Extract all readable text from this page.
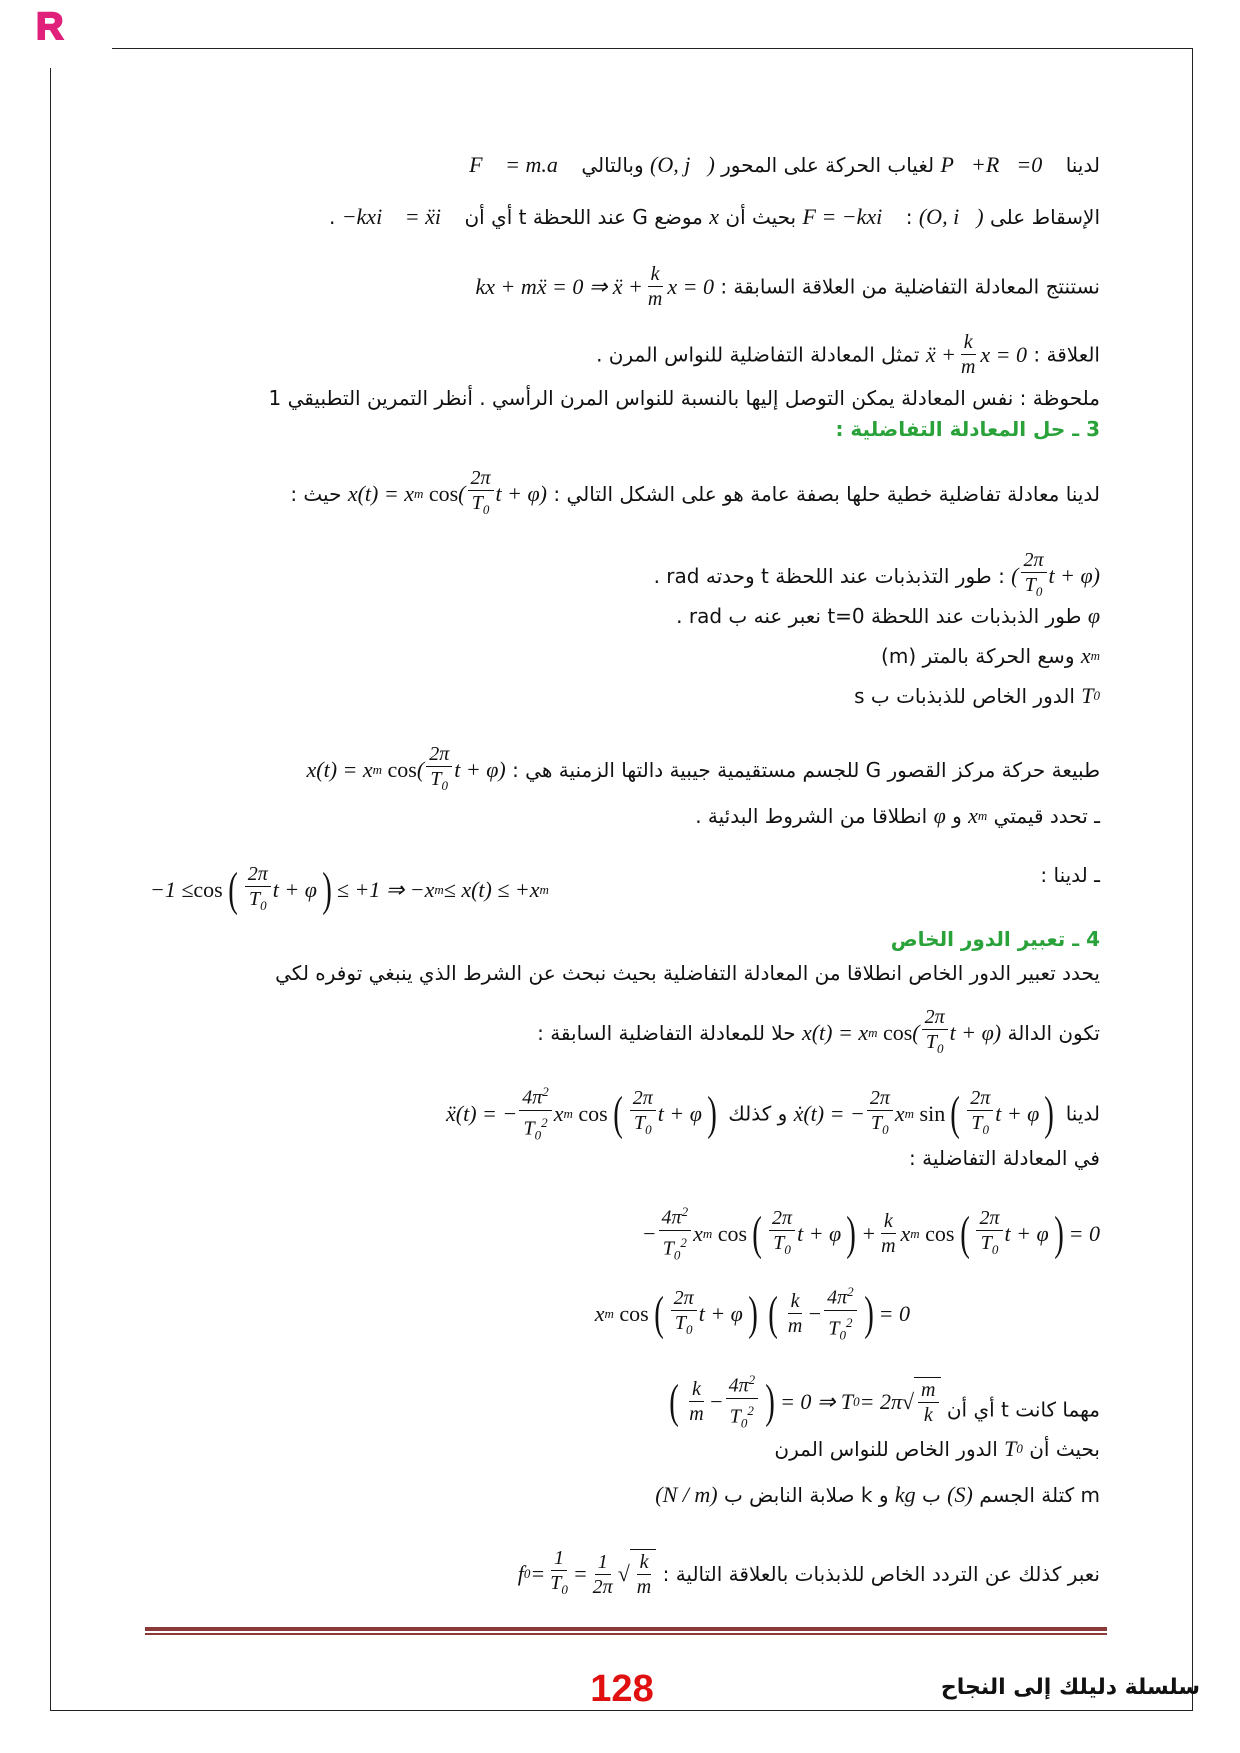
R
لدينا P⃗+R⃗=0⃗ لغياب الحركة على المحور (O, j⃗) وبالتالي F⃗ = m.a⃗
الإسقاط على (O, i⃗) : F = −kxi⃗ بحيث أن x موضع G عند اللحظة t أي أن −kxi⃗ = ẍi⃗ .
نستنتج المعادلة التفاضلية من العلاقة السابقة : kx + mẍ = 0 ⇒ ẍ + $\frac{k}{m}$ x = 0
العلاقة : ẍ + $\frac{k}{m}$ x = 0 تمثل المعادلة التفاضلية للنواس المرن .
ملحوظة : نفس المعادلة يمكن التوصل إليها بالنسبة للنواس المرن الرأسي . أنظر التمرين التطبيقي 1
3 ـ حل المعادلة التفاضلية :
لدينا معادلة تفاضلية خطية حلها بصفة عامة هو على الشكل التالي : x(t) = x m
cos ( $\frac{2\pi}{T_0}$ t + φ) حيث :
( $\frac{2\pi}{T_0}$ t + φ) : طور التذبذبات عند اللحظة t وحدته rad .
φ طور الذبذبات عند اللحظة t=0 نعبر عنه ب rad .
x m
وسع الحركة بالمتر (m)
T 0
الدور الخاص للذبذبات ب s
طبيعة حركة مركز القصور G للجسم مستقيمية جيبية دالتها الزمنية هي : x(t) = x m
cos ( $\frac{2\pi}{T_0}$ t + φ)
ـ تحدد قيمتي x m
و φ انطلاقا من الشروط البدئية .
ـ لدينا :
−1 ≤ cos ( $\frac{2\pi}{T_0}$ t + φ ) ≤ +1 ⇒ −x m ≤ x(t) ≤ +x m
4 ـ تعبير الدور الخاص
يحدد تعبير الدور الخاص انطلاقا من المعادلة التفاضلية بحيث نبحث عن الشرط الذي ينبغي توفره لكي
تكون الدالة x(t) = x m
cos ( $\frac{2\pi}{T_0}$ t + φ) حلا للمعادلة التفاضلية السابقة :
لدينا ẋ(t) = − $\frac{2\pi}{T_0}$ x m
sin ( $\frac{2\pi}{T_0}$ t + φ )
و كذلك ẍ(t) = − $\frac{4\pi^2}{T_0^2}$ x m
cos ( $\frac{2\pi}{T_0}$ t + φ )
في المعادلة التفاضلية :
− $\frac{4\pi^2}{T_0^2}$ x m
cos ( $\frac{2\pi}{T_0}$ t + φ ) + $\frac{k}{m}$ x m
cos ( $\frac{2\pi}{T_0}$ t + φ ) = 0
x m
cos ( $\frac{2\pi}{T_0}$ t + φ ) ( $\frac{k}{m} - \frac{4\pi^2}{T_0^2}$ ) = 0
مهما كانت t أي أن
( $\frac{k}{m} - \frac{4\pi^2}{T_0^2}$ ) = 0 ⇒ T 0 = 2π √ $\frac{m}{k}$
بحيث أن T 0
الدور الخاص للنواس المرن
m كتلة الجسم (S) ب kg و k صلابة النابض ب (N / m)
نعبر كذلك عن التردد الخاص للذبذبات بالعلاقة التالية : f $0 = \frac{1}{T_0} = \frac{1}{2\pi}$ √ $\frac{k}{m}$
128	سلسلة دليلك إلى النجاح
